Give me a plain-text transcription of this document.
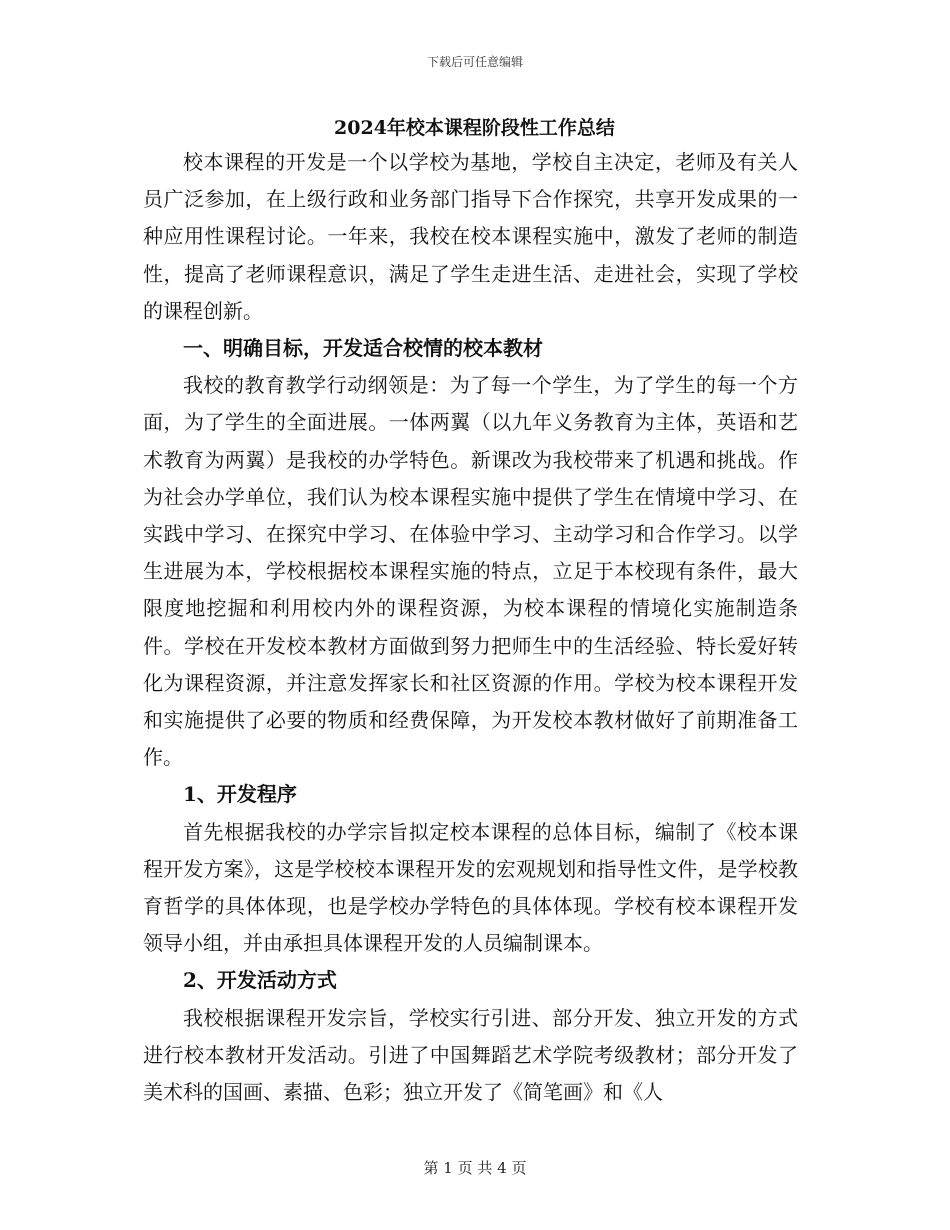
下载后可任意编辑
2024年校本课程阶段性工作总结

校本课程的开发是一个以学校为基地，学校自主决定，老师及有关人员广泛参加，在上级行政和业务部门指导下合作探究，共享开发成果的一种应用性课程讨论。一年来，我校在校本课程实施中，激发了老师的制造性，提高了老师课程意识，满足了学生走进生活、走进社会，实现了学校的课程创新。

一、明确目标，开发适合校情的校本教材

我校的教育教学行动纲领是：为了每一个学生，为了学生的每一个方面，为了学生的全面进展。一体两翼（以九年义务教育为主体，英语和艺术教育为两翼）是我校的办学特色。新课改为我校带来了机遇和挑战。作为社会办学单位，我们认为校本课程实施中提供了学生在情境中学习、在实践中学习、在探究中学习、在体验中学习、主动学习和合作学习。以学生进展为本，学校根据校本课程实施的特点，立足于本校现有条件，最大限度地挖掘和利用校内外的课程资源，为校本课程的情境化实施制造条件。学校在开发校本教材方面做到努力把师生中的生活经验、特长爱好转化为课程资源，并注意发挥家长和社区资源的作用。学校为校本课程开发和实施提供了必要的物质和经费保障，为开发校本教材做好了前期准备工作。

1、开发程序

首先根据我校的办学宗旨拟定校本课程的总体目标，编制了《校本课程开发方案》，这是学校校本课程开发的宏观规划和指导性文件，是学校教育哲学的具体体现，也是学校办学特色的具体体现。学校有校本课程开发领导小组，并由承担具体课程开发的人员编制课本。

2、开发活动方式

我校根据课程开发宗旨，学校实行引进、部分开发、独立开发的方式进行校本教材开发活动。引进了中国舞蹈艺术学院考级教材；部分开发了美术科的国画、素描、色彩；独立开发了《简笔画》和《人

第 1 页 共 4 页
